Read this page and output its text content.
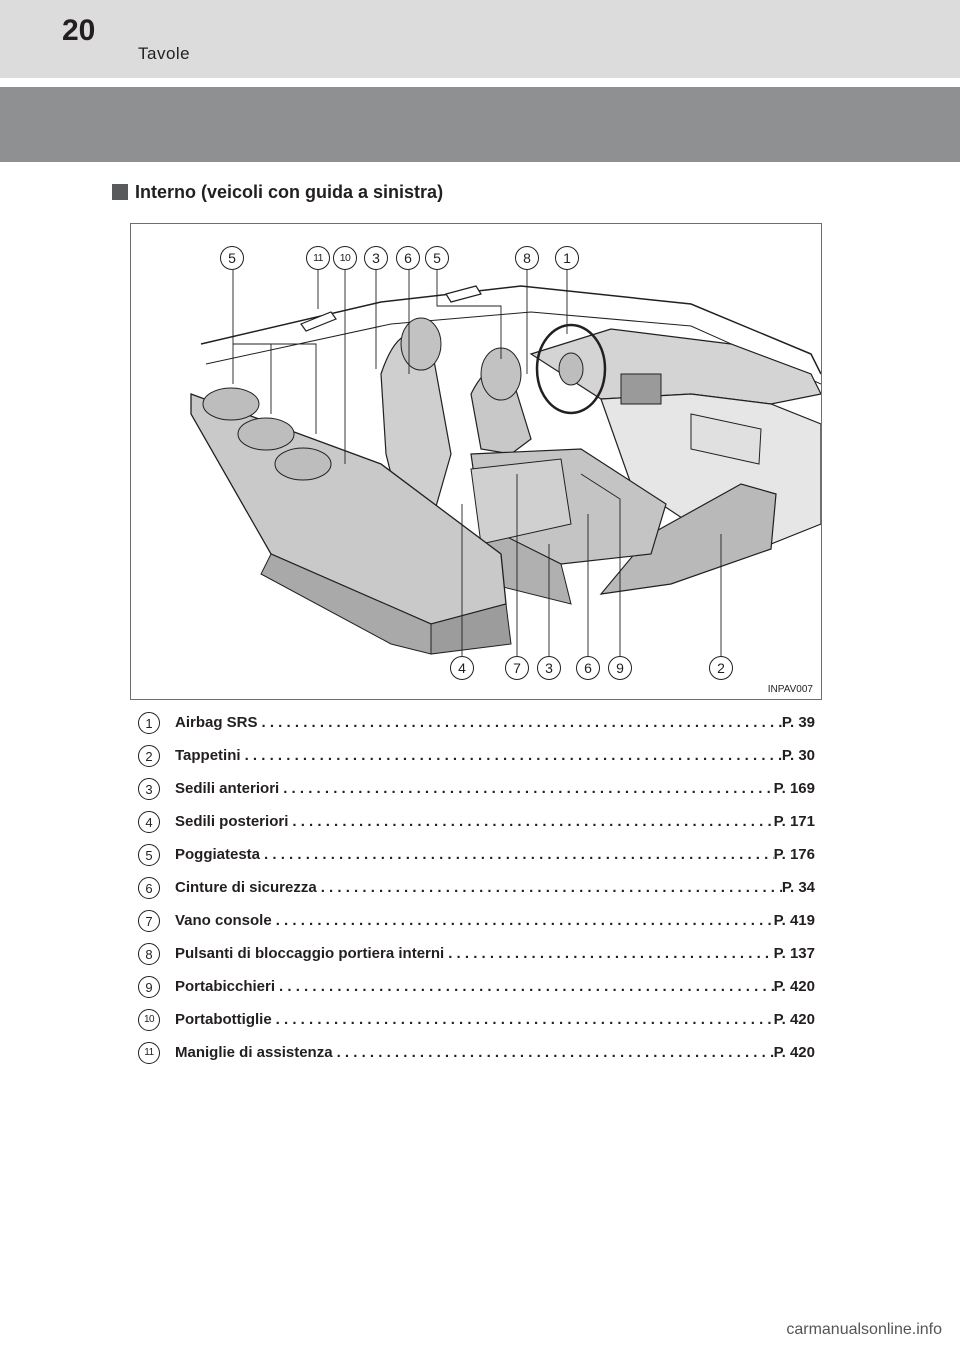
20
Tavole
Interno (veicoli con guida a sinistra)
5	11	10	3	6	5	8	1
4	7	3	6	9	2
INPAV007
1	Airbag SRS . . .	P. 39
2	Tappetini . . .	P. 30
3	Sedili anteriori . . .	P. 169
4	Sedili posteriori . . .	P. 171
5	Poggiatesta . . .	P. 176
6	Cinture di sicurezza . . .	P. 34
7	Vano console . . .	P. 419
8	Pulsanti di bloccaggio portiera interni . . .	P. 137
9	Portabicchieri . . .	P. 420
10	Portabottiglie . . .	P. 420
11	Maniglie di assistenza . . .	P. 420
carmanualsonline.info
